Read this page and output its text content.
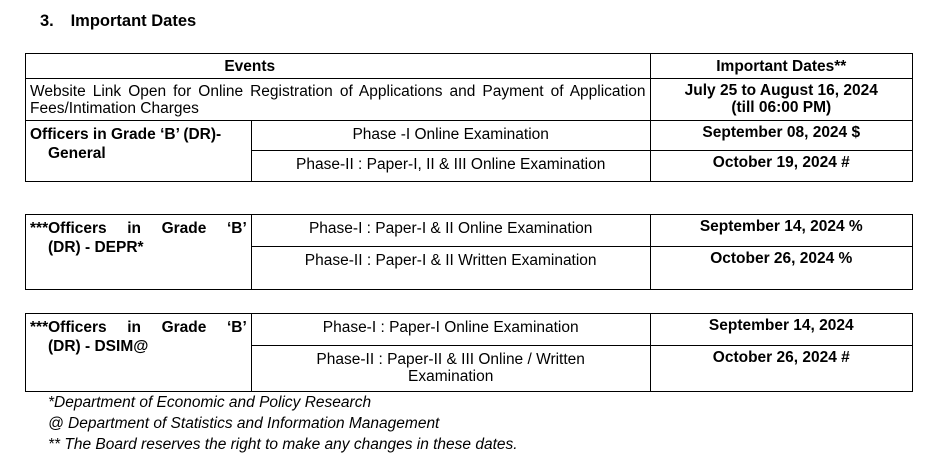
3. Important Dates
Events		Important Dates**
Website Link Open for Online Registration of Applications and Payment of Application Fees/Intimation Charges		July 25 to August 16, 2024
(till 06:00 PM)

Officers in Grade ‘B’ (DR)-
General	Phase -I Online Examination	September 08, 2024 $
	Phase-II : Paper-I, II & III Online Examination	October 19, 2024 #
***Officers in Grade ‘B’
(DR) - DEPR*	Phase-I : Paper-I & II Online Examination	September 14, 2024 %
	Phase-II : Paper-I & II Written Examination	October 26, 2024 %
***Officers in Grade ‘B’
(DR) - DSIM@	Phase-I : Paper-I Online Examination	September 14, 2024
	Phase-II : Paper-II & III Online / Written Examination	October 26, 2024 #
*Department of Economic and Policy Research
@ Department of Statistics and Information Management
** The Board reserves the right to make any changes in these dates.
